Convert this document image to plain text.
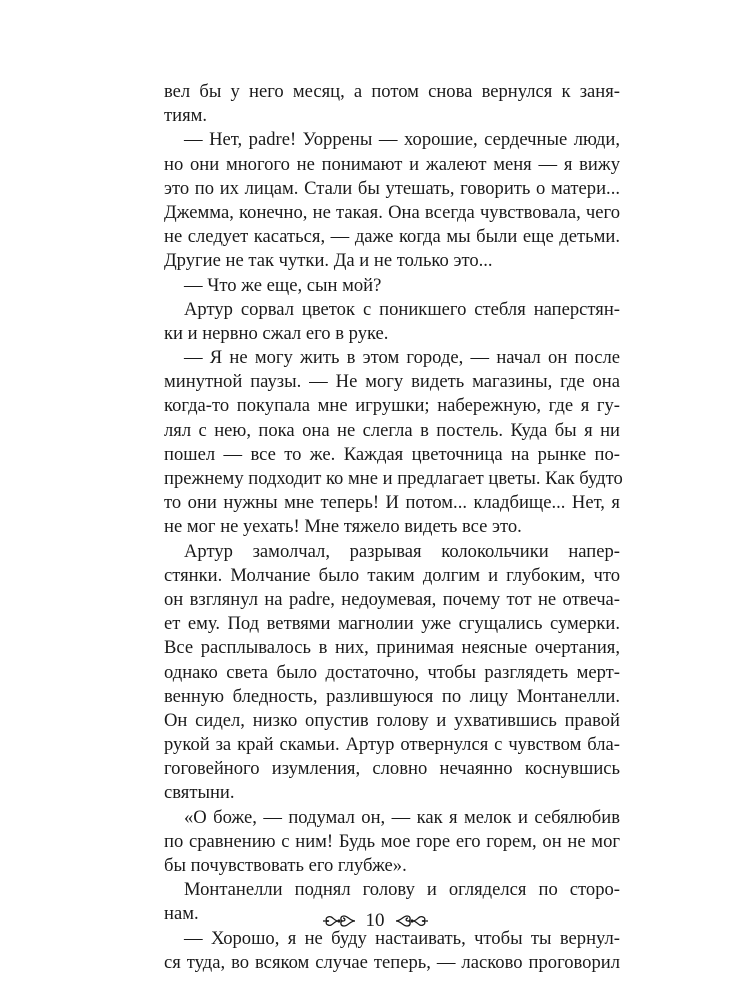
вел бы у него месяц, а потом снова вернулся к заня-
тиям.
— Нет, padre! Уоррены — хорошие, сердечные люди,
но они многого не понимают и жалеют меня — я вижу
это по их лицам. Стали бы утешать, говорить о матери...
Джемма, конечно, не такая. Она всегда чувствовала, чего
не следует касаться, — даже когда мы были еще детьми.
Другие не так чутки. Да и не только это...
— Что же еще, сын мой?
Артур сорвал цветок с поникшего стебля наперстян-
ки и нервно сжал его в руке.
— Я не могу жить в этом городе, — начал он после
минутной паузы. — Не могу видеть магазины, где она
когда-то покупала мне игрушки; набережную, где я гу-
лял с нею, пока она не слегла в постель. Куда бы я ни
пошел — все то же. Каждая цветочница на рынке по-
прежнему подходит ко мне и предлагает цветы. Как будто
то они нужны мне теперь! И потом... кладбище... Нет, я
не мог не уехать! Мне тяжело видеть все это.
Артур замолчал, разрывая колокольчики напер-
стянки. Молчание было таким долгим и глубоким, что
он взглянул на padre, недоумевая, почему тот не отвеча-
ет ему. Под ветвями магнолии уже сгущались сумерки.
Все расплывалось в них, принимая неясные очертания,
однако света было достаточно, чтобы разглядеть мерт-
венную бледность, разлившуюся по лицу Монтанелли.
Он сидел, низко опустив голову и ухватившись правой
рукой за край скамьи. Артур отвернулся с чувством бла-
гоговейного изумления, словно нечаянно коснувшись
святыни.
«О боже, — подумал он, — как я мелок и себялюбив
по сравнению с ним! Будь мое горе его горем, он не мог
бы почувствовать его глубже».
Монтанелли поднял голову и огляделся по сторо-
нам.
— Хорошо, я не буду настаивать, чтобы ты вернул-
ся туда, во всяком случае теперь, — ласково проговорил
10
